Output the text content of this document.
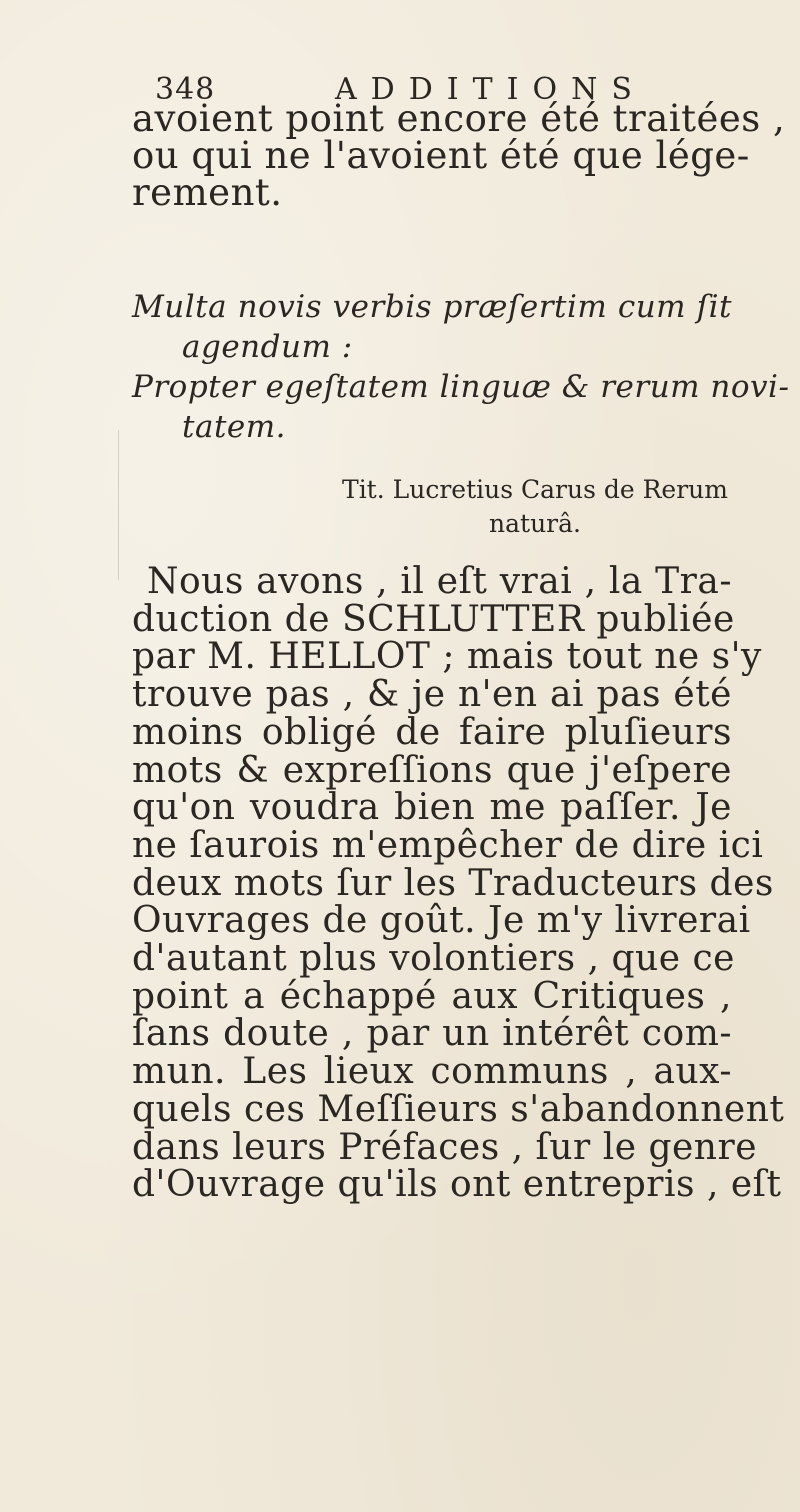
348	ADDITIONS
avoient point encore été traitées ,
ou qui ne l'avoient été que lége-
rement.
Multa novis verbis præſertim cum ſit
agendum :
Propter egeſtatem linguæ & rerum novi-
tatem.
Tit. Lucretius Carus de Rerum
naturâ.
Nous avons , il eſt vrai , la Tra-
duction de SCHLUTTER publiée
par M. HELLOT ; mais tout ne s'y
trouve pas , & je n'en ai pas été
moins obligé de faire pluſieurs
mots & expreſſions que j'eſpere
qu'on voudra bien me paſſer. Je
ne ſaurois m'empêcher de dire ici
deux mots ſur les Traducteurs des
Ouvrages de goût. Je m'y livrerai
d'autant plus volontiers , que ce
point a échappé aux Critiques ,
ſans doute , par un intérêt com-
mun. Les lieux communs , aux-
quels ces Meſſieurs s'abandonnent
dans leurs Préfaces , ſur le genre
d'Ouvrage qu'ils ont entrepris , eſt
